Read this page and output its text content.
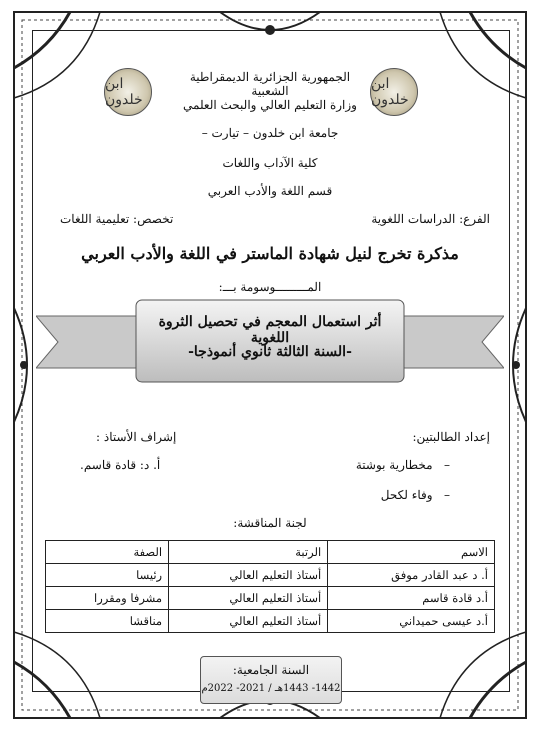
ابن خلدون
ابن خلدون
الجمهورية الجزائرية الديمقراطية الشعبية
وزارة التعليم العالي والبحث العلمي
جامعة ابن خلدون – تيارت –
كلية الآداب واللغات
قسم اللغة والأدب العربي
الفرع: الدراسات اللغوية
تخصص: تعليمية اللغات
مذكرة تخرج لنيل شهادة الماستر في اللغة والأدب العربي
المـــــــــوسومة بـــ:
أثر استعمال المعجم في تحصيل الثروة اللغوية
-السنة الثالثة ثانوي أنموذجا-
إعداد الطالبتين:
إشراف الأستاذ :
–   مخطارية بوشتة
أ. د: قادة قاسم.
–   وفاء لكحل
لجنة المناقشة:
الاسم	الرتبة	الصفة
أ. د عبد القادر موفق	أستاذ التعليم العالي	رئيسا
أ.د قادة قاسم	أستاذ التعليم العالي	مشرفا ومقررا
أ.د عيسى حميداني	أستاذ التعليم العالي	مناقشا
السنة الجامعية:
1442- 1443هـ / 2021- 2022م
